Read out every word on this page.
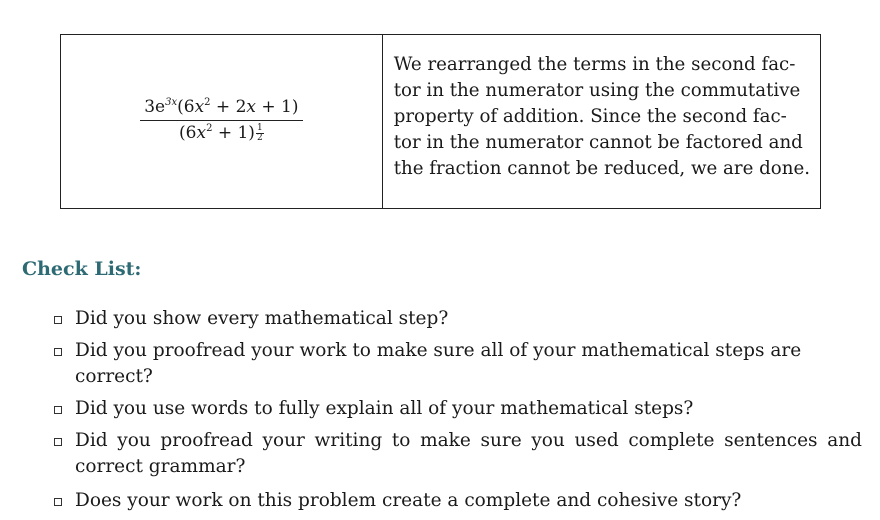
$\frac{3e^{3x}(6x^2 + 2x + 1)}{(6x^2 + 1) \frac{1}{2}}$
We rearranged the terms in the second fac-
tor in the numerator using the commutative
property of addition. Since the second fac-
tor in the numerator cannot be factored and
the fraction cannot be reduced, we are done.
Check List:
Did you show every mathematical step?
Did you proofread your work to make sure all of your mathematical steps are correct?
Did you use words to fully explain all of your mathematical steps?
Did you proofread your writing to make sure you used complete sentences and correct grammar?
Does your work on this problem create a complete and cohesive story?
